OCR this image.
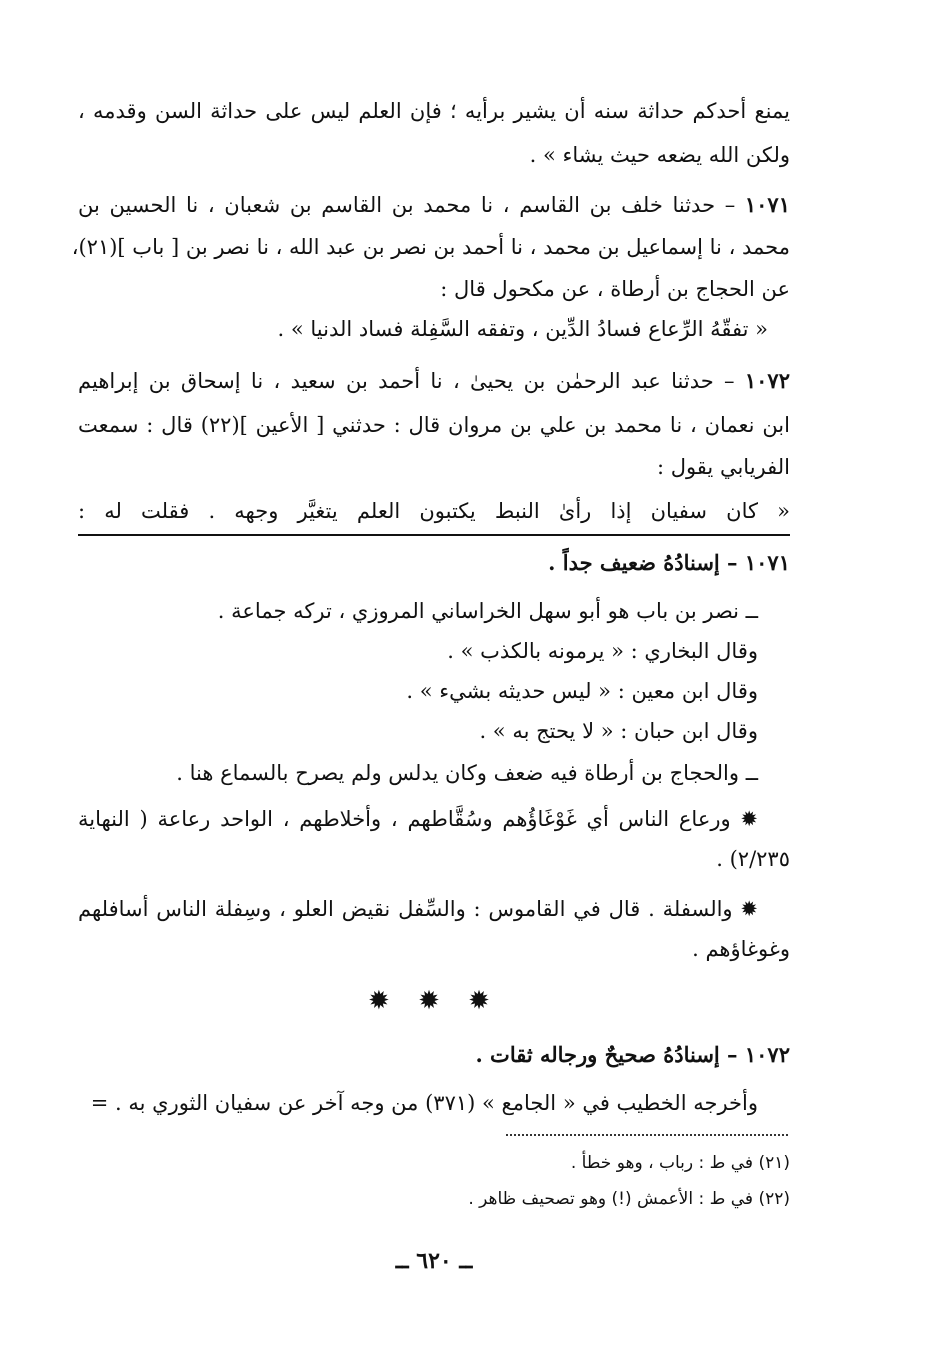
يمنع أحدكم حداثة سنه أن يشير برأيه ؛ فإن العلم ليس على حداثة السن وقدمه ،
ولكن الله يضعه حيث يشاء » .
١٠٧١ – حدثنا خلف بن القاسم ، نا محمد بن القاسم بن شعبان ، نا الحسين بن
محمد ، نا إسماعيل بن محمد ، نا أحمد بن نصر بن عبد الله ، نا نصر بن [ باب ](٢١)،
عن الحجاج بن أرطاة ، عن مكحول قال :
« تفقّهُ الرِّعاع فسادُ الدِّين ، وتفقه السَّفِلة فساد الدنيا » .
١٠٧٢ – حدثنا عبد الرحمٰن بن يحيىٰ ، نا أحمد بن سعيد ، نا إسحاق بن إبراهيم
ابن نعمان ، نا محمد بن علي بن مروان قال : حدثني [ الأعين ](٢٢) قال : سمعت
الفريابي يقول :
« كان سفيان إذا رأىٰ النبط يكتبون العلم يتغيَّر وجهه . فقلت له :
١٠٧١ – إسنادُهُ ضعيف جداً .
ــ نصر بن باب هو أبو سهل الخراساني المروزي ، تركه جماعة .
وقال البخاري : « يرمونه بالكذب » .
وقال ابن معين : « ليس حديثه بشيء » .
وقال ابن حبان : « لا يحتج به » .
ــ والحجاج بن أرطاة فيه ضعف وكان يدلس ولم يصرح بالسماع هنا .
✹ ورعاع الناس أي غَوْغَاؤُهم وسُقَّاطهم ، وأخلاطهم ، الواحد رعاعة ( النهاية
٢/٢٣٥) .
✹ والسفلة . قال في القاموس : والسِّفل نقيض العلو ، وسِفلة الناس أسافلهم
وغوغاؤهم .
✹ ✹ ✹
١٠٧٢ – إسنادُهُ صحيحٌ ورجاله ثقات .
وأخرجه الخطيب في « الجامع » (٣٧١) من وجه آخر عن سفيان الثوري به . =
(٢١) في ط : رباب ، وهو خطأ .
(٢٢) في ط : الأعمش (!) وهو تصحيف ظاهر .
ــ ٦٢٠ ــ
